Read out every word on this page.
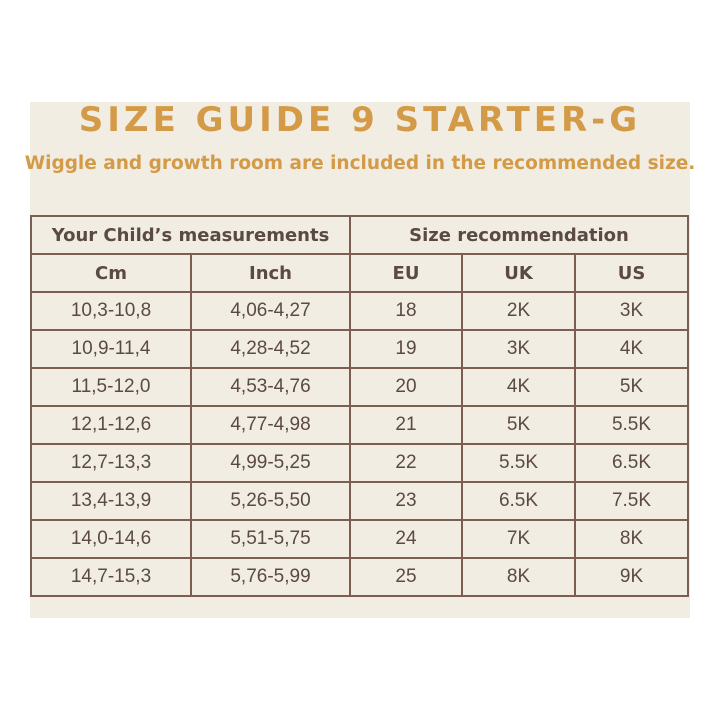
SIZE GUIDE 9 STARTER-G
Wiggle and growth room are included in the recommended size.
Your Child’s measurements		Size recommendation		
Cm	Inch	EU	UK	US
10,3-10,8	4,06-4,27	18	2K	3K
10,9-11,4	4,28-4,52	19	3K	4K
11,5-12,0	4,53-4,76	20	4K	5K
12,1-12,6	4,77-4,98	21	5K	5.5K
12,7-13,3	4,99-5,25	22	5.5K	6.5K
13,4-13,9	5,26-5,50	23	6.5K	7.5K
14,0-14,6	5,51-5,75	24	7K	8K
14,7-15,3	5,76-5,99	25	8K	9K
